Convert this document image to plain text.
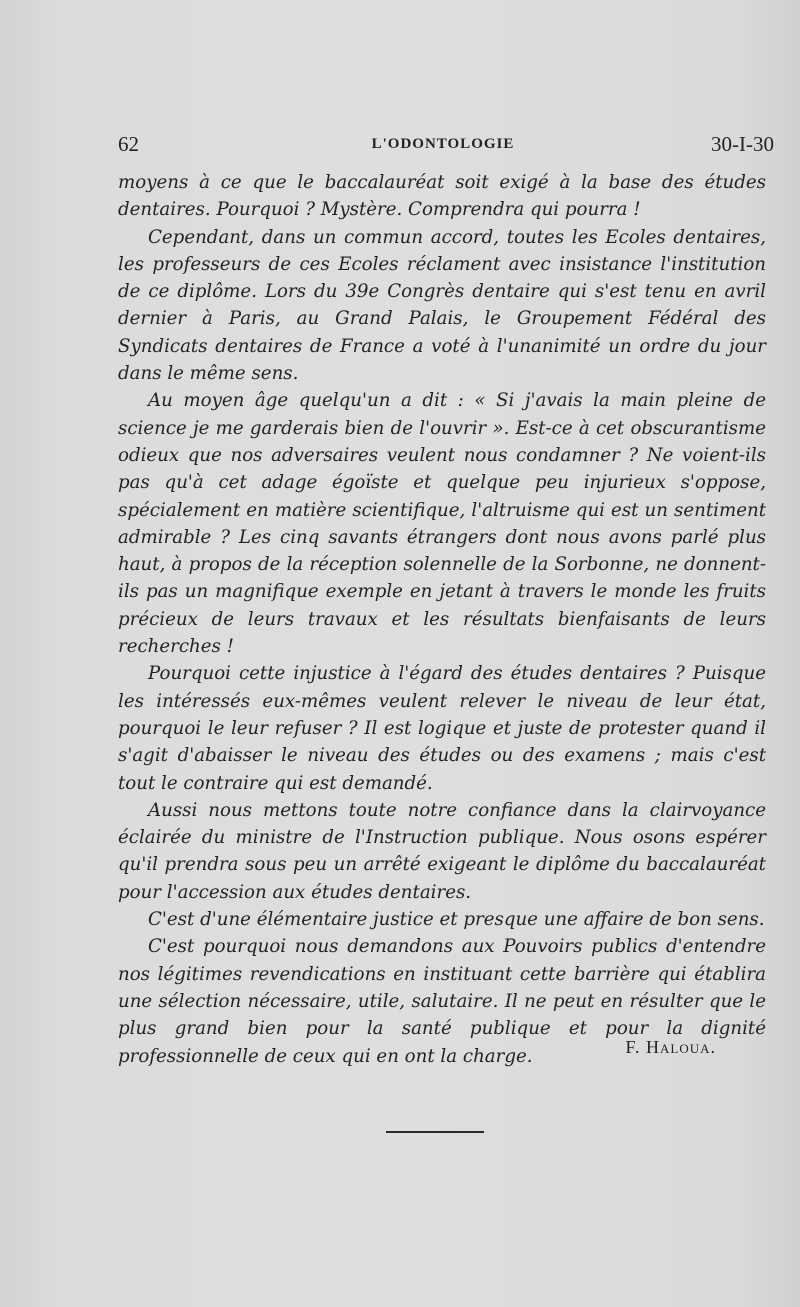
62	L'ODONTOLOGIE	30-I-30

moyens à ce que le baccalauréat soit exigé à la base des études dentaires. Pourquoi ? Mystère. Comprendra qui pourra !

Cependant, dans un commun accord, toutes les Ecoles dentaires, les professeurs de ces Ecoles réclament avec insistance l'institution de ce diplôme. Lors du 39e Congrès dentaire qui s'est tenu en avril dernier à Paris, au Grand Palais, le Groupement Fédéral des Syndicats dentaires de France a voté à l'unanimité un ordre du jour dans le même sens.

Au moyen âge quelqu'un a dit : « Si j'avais la main pleine de science je me garderais bien de l'ouvrir ». Est-ce à cet obscurantisme odieux que nos adversaires veulent nous condamner ? Ne voient-ils pas qu'à cet adage égoïste et quelque peu injurieux s'oppose, spécialement en matière scientifique, l'altruisme qui est un sentiment admirable ? Les cinq savants étrangers dont nous avons parlé plus haut, à propos de la réception solennelle de la Sorbonne, ne donnent-ils pas un magnifique exemple en jetant à travers le monde les fruits précieux de leurs travaux et les résultats bienfaisants de leurs recherches !

Pourquoi cette injustice à l'égard des études dentaires ? Puisque les intéressés eux-mêmes veulent relever le niveau de leur état, pourquoi le leur refuser ? Il est logique et juste de protester quand il s'agit d'abaisser le niveau des études ou des examens ; mais c'est tout le contraire qui est demandé.

Aussi nous mettons toute notre confiance dans la clairvoyance éclairée du ministre de l'Instruction publique. Nous osons espérer qu'il prendra sous peu un arrêté exigeant le diplôme du baccalauréat pour l'accession aux études dentaires.

C'est d'une élémentaire justice et presque une affaire de bon sens.

C'est pourquoi nous demandons aux Pouvoirs publics d'entendre nos légitimes revendications en instituant cette barrière qui établira une sélection nécessaire, utile, salutaire. Il ne peut en résulter que le plus grand bien pour la santé publique et pour la dignité professionnelle de ceux qui en ont la charge.	F. Haloua.
